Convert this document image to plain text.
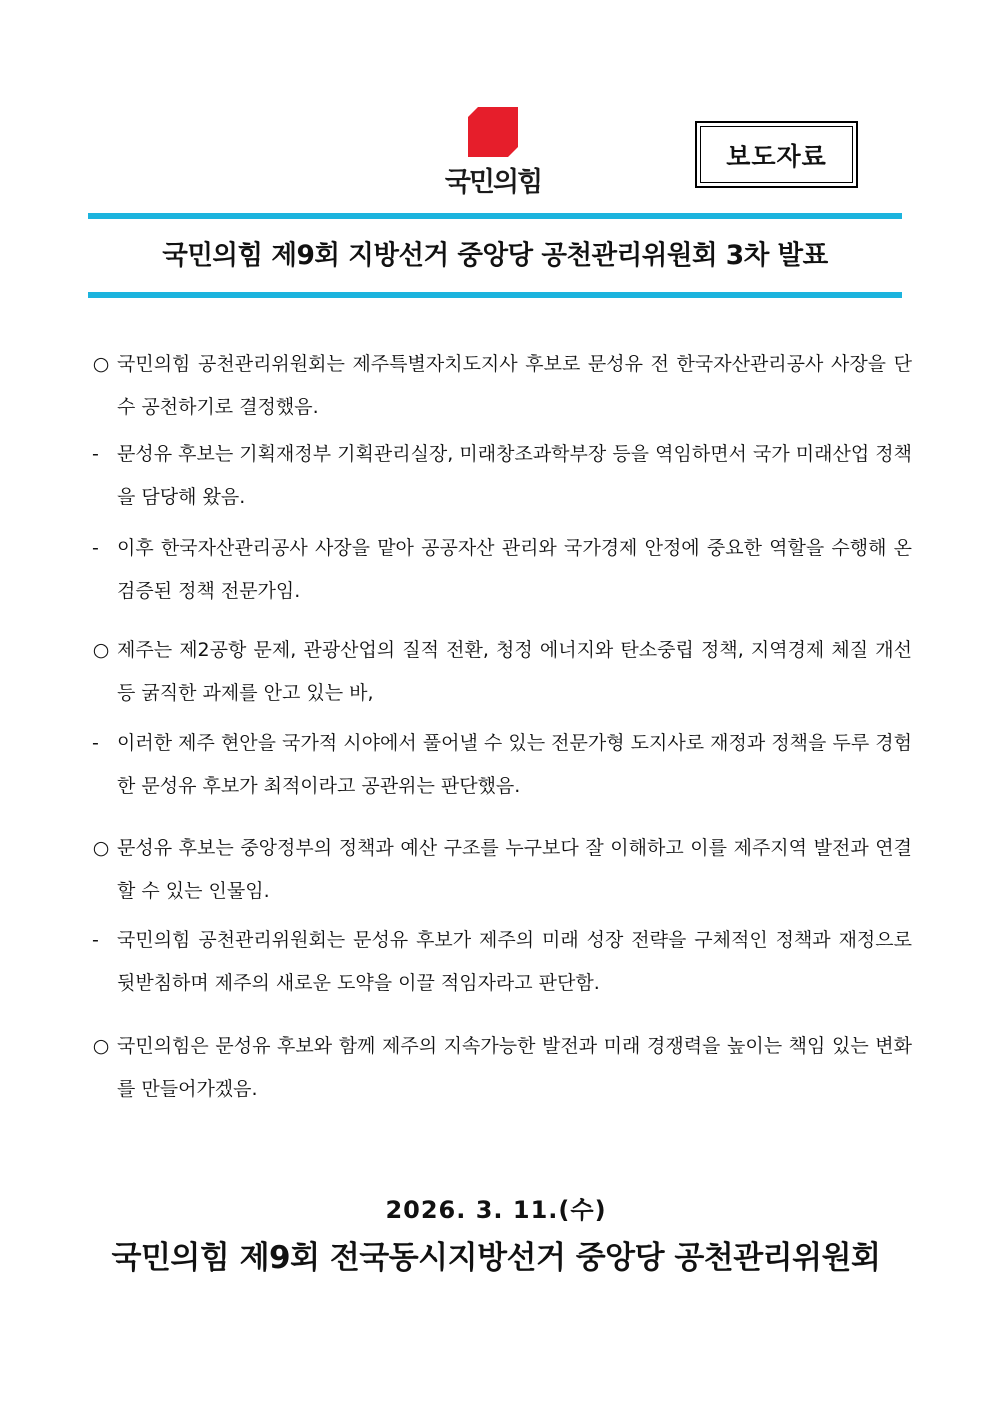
국민의힘
보도자료
국민의힘 제9회 지방선거 중앙당 공천관리위원회 3차 발표
○ 국민의힘 공천관리위원회는 제주특별자치도지사 후보로 문성유 전 한국자산관리공사 사장을 단수 공천하기로 결정했음.
- 문성유 후보는 기획재정부 기획관리실장, 미래창조과학부장 등을 역임하면서 국가 미래산업 정책을 담당해 왔음.
- 이후 한국자산관리공사 사장을 맡아 공공자산 관리와 국가경제 안정에 중요한 역할을 수행해 온 검증된 정책 전문가임.
○ 제주는 제2공항 문제, 관광산업의 질적 전환, 청정 에너지와 탄소중립 정책, 지역경제 체질 개선 등 굵직한 과제를 안고 있는 바,
- 이러한 제주 현안을 국가적 시야에서 풀어낼 수 있는 전문가형 도지사로 재정과 정책을 두루 경험한 문성유 후보가 최적이라고 공관위는 판단했음.
○ 문성유 후보는 중앙정부의 정책과 예산 구조를 누구보다 잘 이해하고 이를 제주지역 발전과 연결할 수 있는 인물임.
- 국민의힘 공천관리위원회는 문성유 후보가 제주의 미래 성장 전략을 구체적인 정책과 재정으로 뒷받침하며 제주의 새로운 도약을 이끌 적임자라고 판단함.
○ 국민의힘은 문성유 후보와 함께 제주의 지속가능한 발전과 미래 경쟁력을 높이는 책임 있는 변화를 만들어가겠음.
2026. 3. 11.(수)
국민의힘 제9회 전국동시지방선거 중앙당 공천관리위원회
